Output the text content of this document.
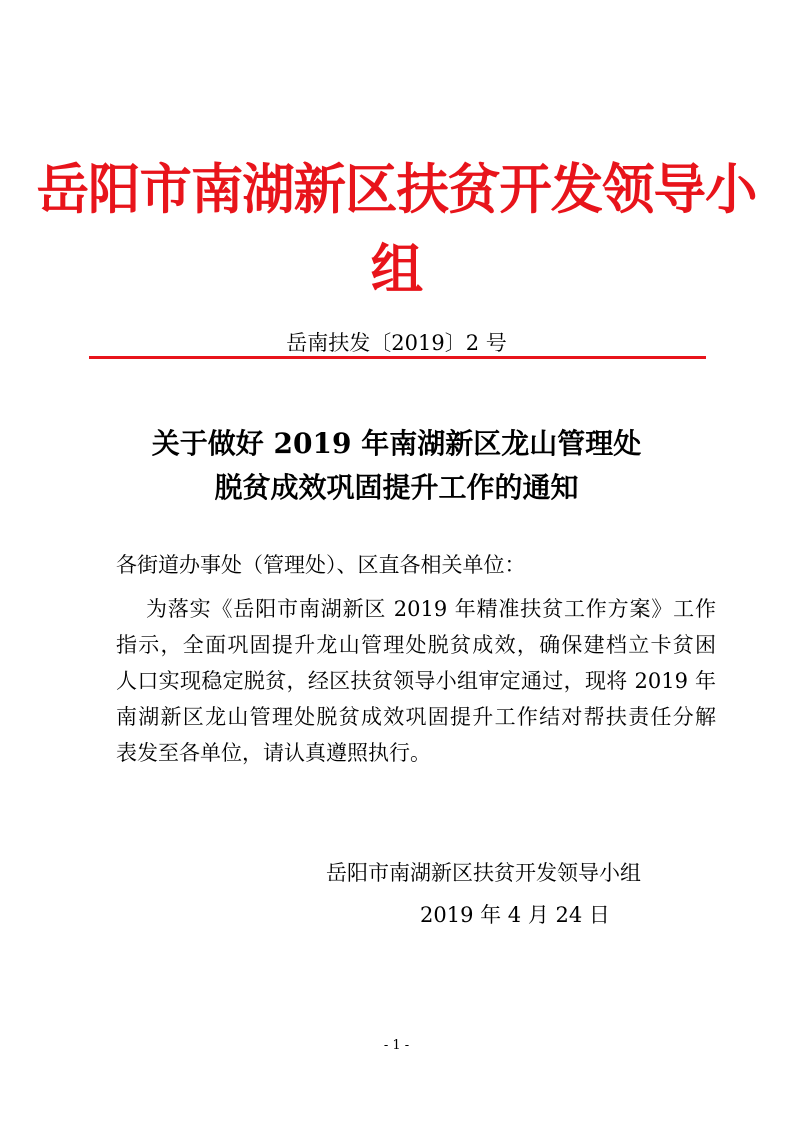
岳阳市南湖新区扶贫开发领导小组
岳南扶发〔2019〕2 号
关于做好 2019 年南湖新区龙山管理处
脱贫成效巩固提升工作的通知
各街道办事处（管理处）、区直各相关单位：
为落实《岳阳市南湖新区 2019 年精准扶贫工作方案》工作
指示，全面巩固提升龙山管理处脱贫成效，确保建档立卡贫困
人口实现稳定脱贫，经区扶贫领导小组审定通过，现将 2019 年
南湖新区龙山管理处脱贫成效巩固提升工作结对帮扶责任分解
表发至各单位，请认真遵照执行。
岳阳市南湖新区扶贫开发领导小组
2019 年 4 月 24 日
- 1 -
